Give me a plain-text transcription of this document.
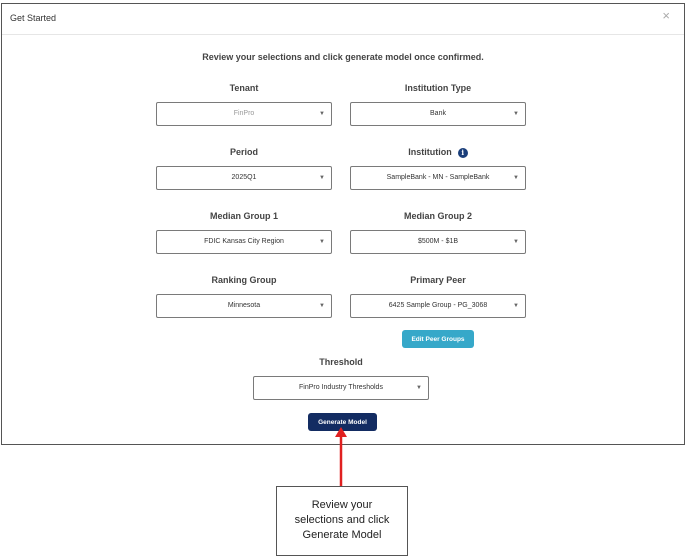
Get Started	×
Review your selections and click generate model once confirmed.
Tenant
FinPro	▼
Institution Type
Bank	▼
Period
2025Q1	▼
Institution i
SampleBank - MN - SampleBank	▼
Median Group 1
FDIC Kansas City Region	▼
Median Group 2
$500M - $1B	▼
Ranking Group
Minnesota	▼
Primary Peer
6425 Sample Group - PG_3068	▼
Edit Peer Groups
Threshold
FinPro Industry Thresholds	▼
Generate Model
Review your
selections and click
Generate Model
